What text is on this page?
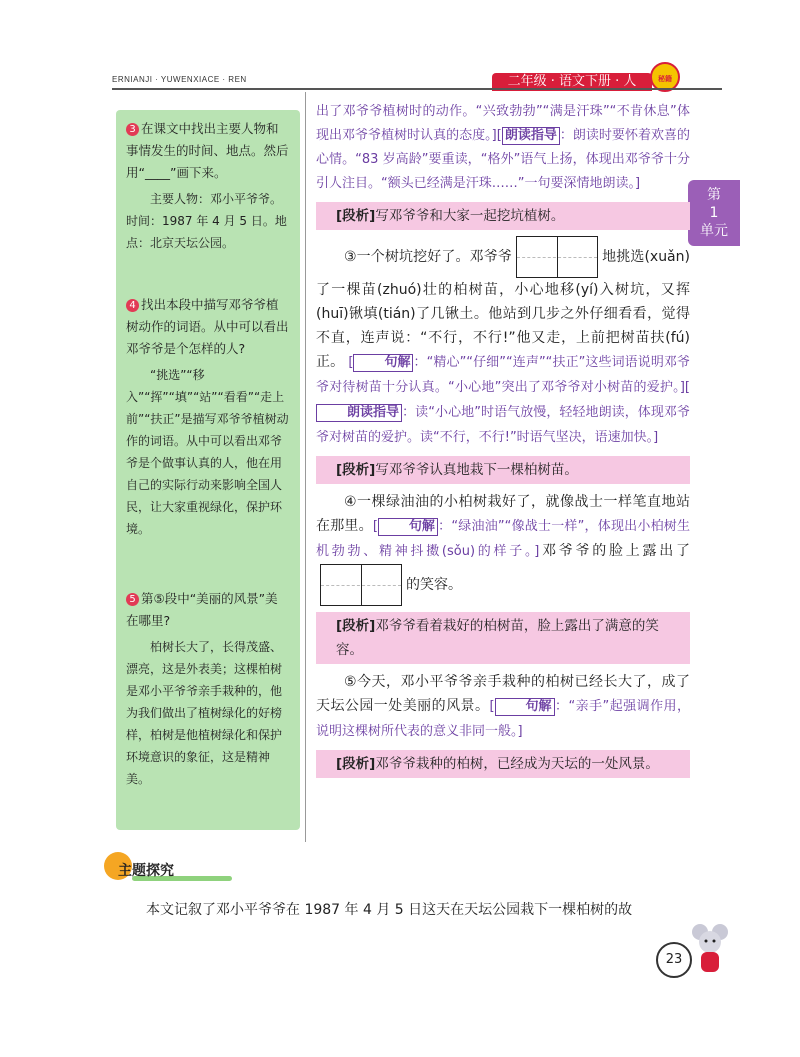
ERNIANJI · YUWENXIACE · REN	二年级 · 语文下册 · 人	秘籍
第
1
单元

3 在课文中找出主要人物和事情发生的时间、地点。然后用“____”画下来。

主要人物：邓小平爷爷。时间：1987 年 4 月 5 日。地点：北京天坛公园。

4 找出本段中描写邓爷爷植树动作的词语。从中可以看出邓爷爷是个怎样的人?

“挑选”“移入”“挥”“填”“站”“看看”“走上前”“扶正”是描写邓爷爷植树动作的词语。从中可以看出邓爷爷是个做事认真的人，他在用自己的实际行动来影响全国人民，让大家重视绿化，保护环境。

5 第⑤段中“美丽的风景”美在哪里?

柏树长大了，长得茂盛、漂亮，这是外表美；这棵柏树是邓小平爷爷亲手栽种的，他为我们做出了植树绿化的好榜样，柏树是他植树绿化和保护环境意识的象征，这是精神美。

出了邓爷爷植树时的动作。“兴致勃勃”“满是汗珠”“不肯休息”体现出邓爷爷植树时认真的态度。][ 朗读指导 ：朗读时要怀着欢喜的心情。“83 岁高龄”要重读，“格外”语气上扬，体现出邓爷爷十分引人注目。“额头已经满是汗珠……”一句要深情地朗读。]

[段析]写邓爷爷和大家一起挖坑植树。

③一个树坑挖好了。邓爷爷	地挑选(xuǎn)了一棵苗(zhuó)壮的柏树苗，小心地移(yí)入树坑，又挥(huī)锹填(tián)了几锹土。他站到几步之外仔细看看，觉得不直，连声说：“不行，不行!”他又走，上前把树苗扶(fú)正。 [ 句解 ：“精心”“仔细”“连声”“扶正”这些词语说明邓爷爷对待树苗十分认真。“小心地”突出了邓爷爷对小树苗的爱护。][朗读指导 ：读“小心地”时语气放慢，轻轻地朗读，体现邓爷爷对树苗的爱护。读“不行，不行!”时语气坚决，语速加快。]

[段析]写邓爷爷认真地栽下一棵柏树苗。

④一棵绿油油的小柏树栽好了，就像战士一样笔直地站在那里。[ 句解 ：“绿油油”“像战士一样”，体现出小柏树生机勃勃、精神抖擞(sǒu)的样子。]邓爷爷的脸上露出了的笑容。

[段析]邓爷爷看着栽好的柏树苗，脸上露出了满意的笑容。

⑤今天，邓小平爷爷亲手栽种的柏树已经长大了，成了天坛公园一处美丽的风景。[ 句解 ：“亲手”起强调作用，说明这棵树所代表的意义非同一般。]

[段析]邓爷爷栽种的柏树，已经成为天坛的一处风景。
主题探究
本文记叙了邓小平爷爷在 1987 年 4 月 5 日这天在天坛公园栽下一棵柏树的故
23
